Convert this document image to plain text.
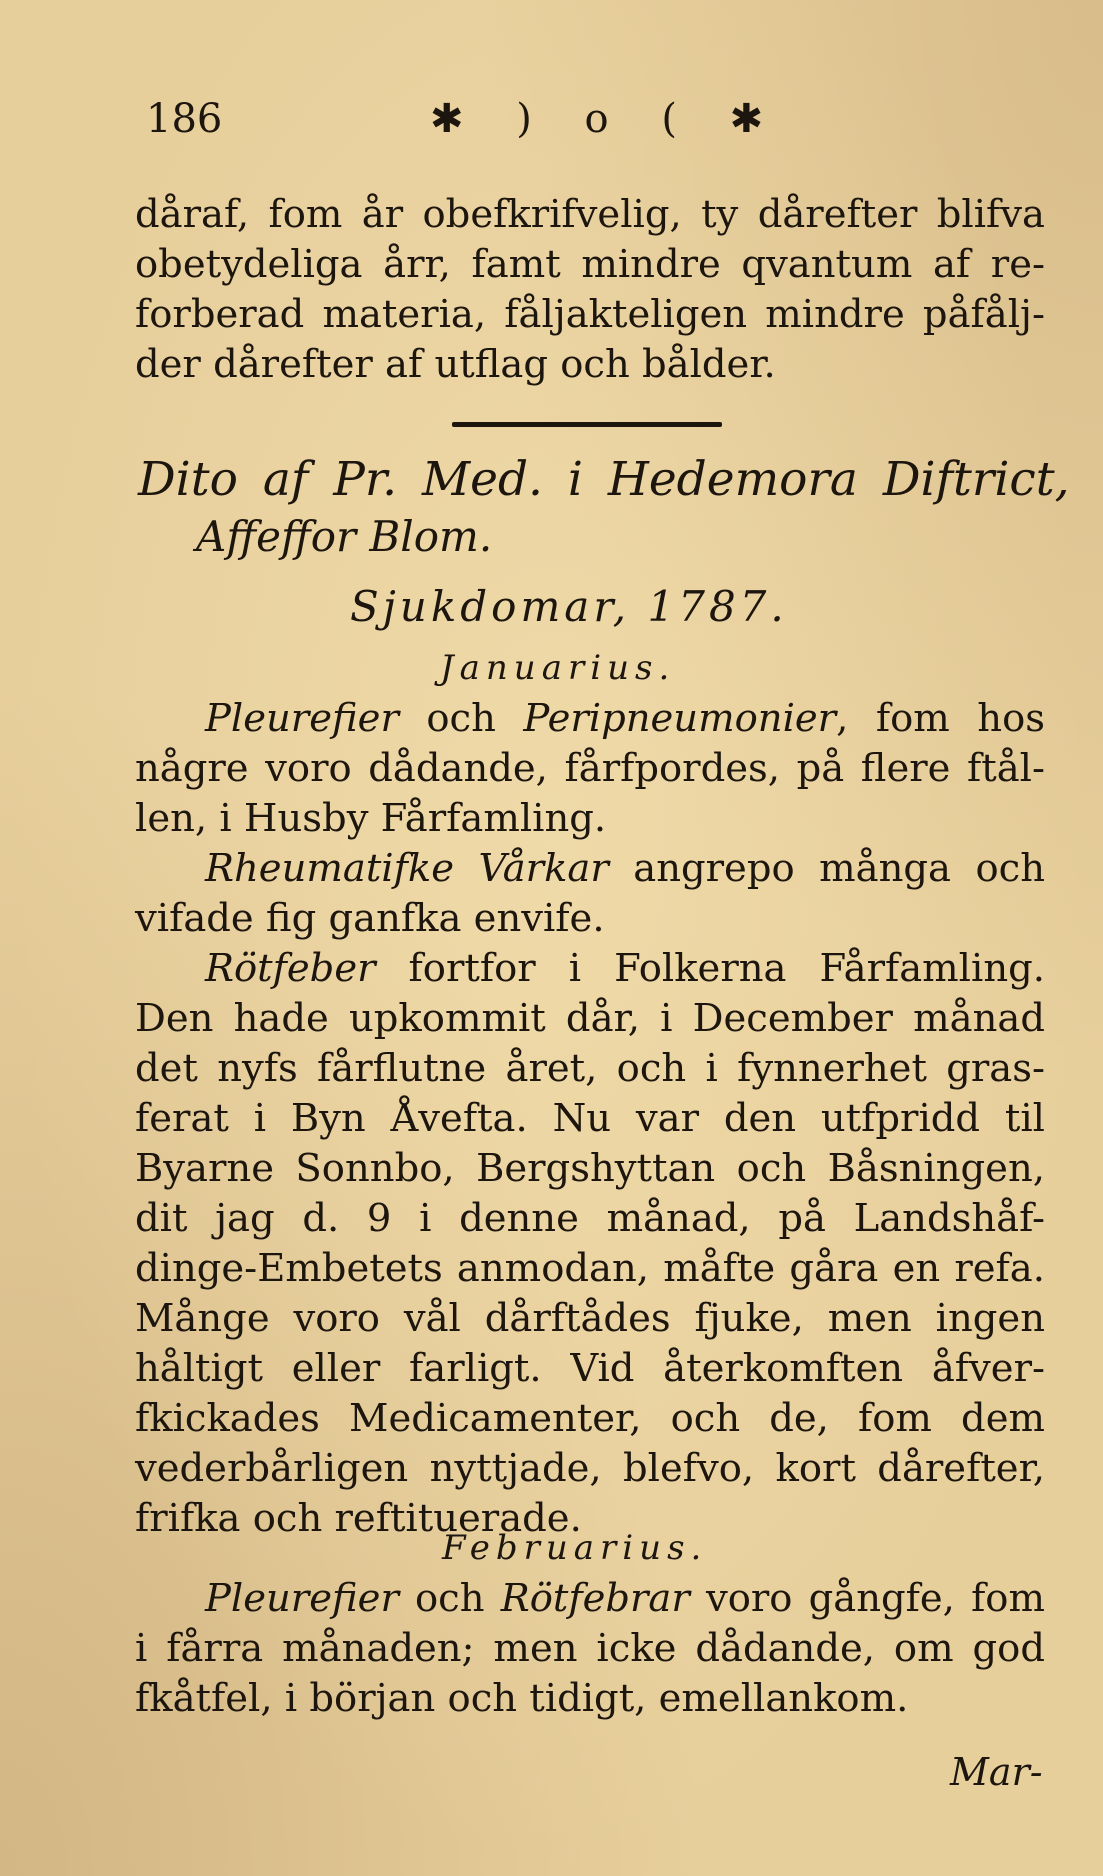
186	✱ ) o ( ✱
dåraf, fom år obefkrifvelig, ty dårefter blifva
obetydeliga årr, famt mindre qvantum af re-
forberad materia, fåljakteligen mindre påfålj-
der dårefter af utflag och bålder.
Dito af Pr. Med. i Hedemora Diftrict,
Affeffor Blom.
Sjukdomar, 1787.
Januarius.
Pleurefier och Peripneumonier, fom hos
någre voro dådande, fårfpordes, på flere ftål-
len, i Husby Fårfamling.
Rheumatifke Vårkar angrepo många och
vifade fig ganfka envife.
Rötfeber fortfor i Folkerna Fårfamling.
Den hade upkommit dår, i December månad
det nyfs fårflutne året, och i fynnerhet gras-
ferat i Byn Åvefta. Nu var den utfpridd til
Byarne Sonnbo, Bergshyttan och Båsningen,
dit jag d. 9 i denne månad, på Landshåf-
dinge-Embetets anmodan, måfte gåra en refa.
Månge voro vål dårftådes fjuke, men ingen
håltigt eller farligt. Vid återkomften åfver-
fkickades Medicamenter, och de, fom dem
vederbårligen nyttjade, blefvo, kort dårefter,
frifka och reftituerade.
Februarius.
Pleurefier och Rötfebrar voro gångfe, fom
i fårra månaden; men icke dådande, om god
fkåtfel, i början och tidigt, emellankom.
Mar-
